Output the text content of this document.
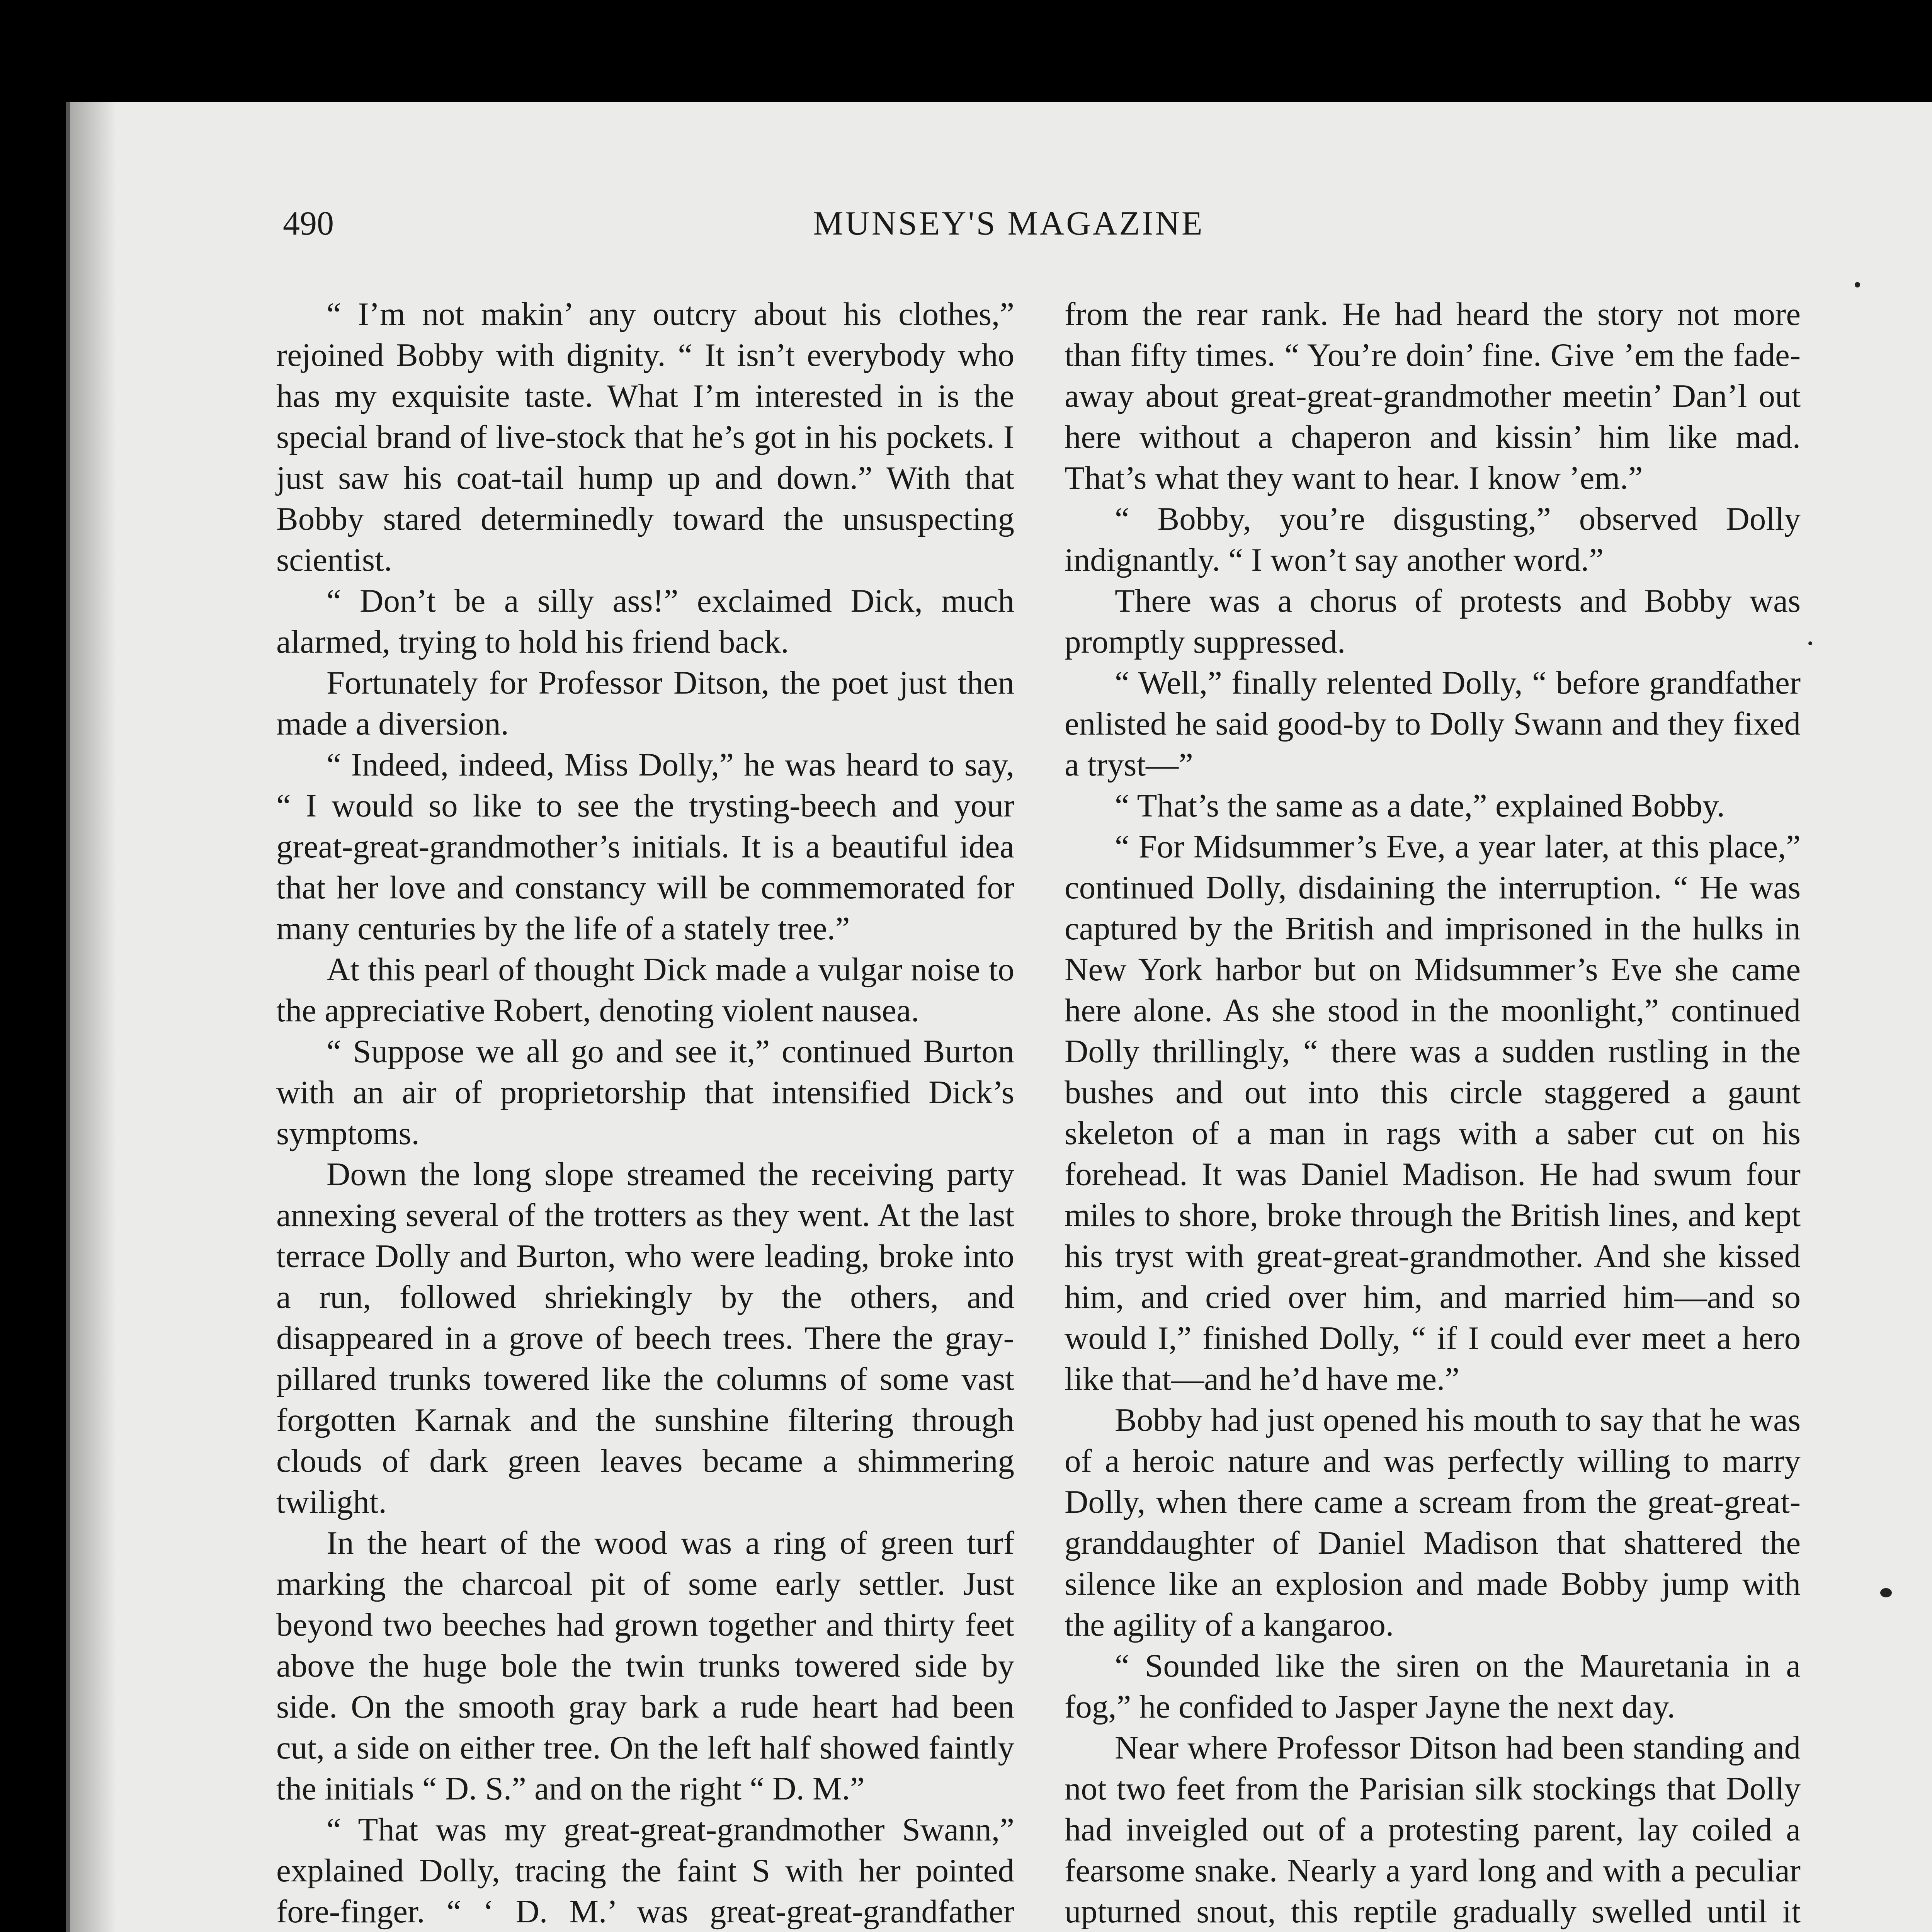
490	MUNSEY'S MAGAZINE

“ I’m not makin’ any outcry about his clothes,” rejoined Bobby with dignity. “ It isn’t everybody who has my exquisite taste. What I’m interested in is the special brand of live-stock that he’s got in his pockets. I just saw his coat-tail hump up and down.” With that Bobby stared determinedly toward the unsuspecting scientist.

“ Don’t be a silly ass!” exclaimed Dick, much alarmed, trying to hold his friend back.

Fortunately for Professor Ditson, the poet just then made a diversion.

“ Indeed, indeed, Miss Dolly,” he was heard to say, “ I would so like to see the trysting-beech and your great-great-grandmother’s initials. It is a beautiful idea that her love and constancy will be commemorated for many centuries by the life of a stately tree.”

At this pearl of thought Dick made a vulgar noise to the appreciative Robert, denoting violent nausea.

“ Suppose we all go and see it,” continued Burton with an air of proprietorship that intensified Dick’s symptoms.

Down the long slope streamed the receiving party annexing several of the trotters as they went. At the last terrace Dolly and Burton, who were leading, broke into a run, followed shriekingly by the others, and disappeared in a grove of beech trees. There the gray-pillared trunks towered like the columns of some vast forgotten Karnak and the sunshine filtering through clouds of dark green leaves became a shimmering twilight.

In the heart of the wood was a ring of green turf marking the charcoal pit of some early settler. Just beyond two beeches had grown together and thirty feet above the huge bole the twin trunks towered side by side. On the smooth gray bark a rude heart had been cut, a side on either tree. On the left half showed faintly the initials “ D. S.” and on the right “ D. M.”

“ That was my great-great-grandmother Swann,” explained Dolly, tracing the faint S with her pointed fore-finger. “ ‘ D. M.’ was great-great-grandfather

from the rear rank. He had heard the story not more than fifty times. “ You’re doin’ fine. Give ’em the fade-away about great-great-grandmother meetin’ Dan’l out here without a chaperon and kissin’ him like mad. That’s what they want to hear. I know ’em.”

“ Bobby, you’re disgusting,” observed Dolly indignantly. “ I won’t say another word.”

There was a chorus of protests and Bobby was promptly suppressed.

“ Well,” finally relented Dolly, “ before grandfather enlisted he said good-by to Dolly Swann and they fixed a tryst—”

“ That’s the same as a date,” explained Bobby.

“ For Midsummer’s Eve, a year later, at this place,” continued Dolly, disdaining the interruption. “ He was captured by the British and imprisoned in the hulks in New York harbor but on Midsummer’s Eve she came here alone. As she stood in the moonlight,” continued Dolly thrillingly, “ there was a sudden rustling in the bushes and out into this circle staggered a gaunt skeleton of a man in rags with a saber cut on his forehead. It was Daniel Madison. He had swum four miles to shore, broke through the British lines, and kept his tryst with great-great-grandmother. And she kissed him, and cried over him, and married him—and so would I,” finished Dolly, “ if I could ever meet a hero like that—and he’d have me.”

Bobby had just opened his mouth to say that he was of a heroic nature and was perfectly willing to marry Dolly, when there came a scream from the great-great-granddaughter of Daniel Madison that shattered the silence like an explosion and made Bobby jump with the agility of a kangaroo.

“ Sounded like the siren on the Mauretania in a fog,” he confided to Jasper Jayne the next day.

Near where Professor Ditson had been standing and not two feet from the Parisian silk stockings that Dolly had inveigled out of a protesting parent, lay coiled a fearsome snake. Nearly a yard long and with a peculiar upturned snout, this reptile gradually swelled until it
